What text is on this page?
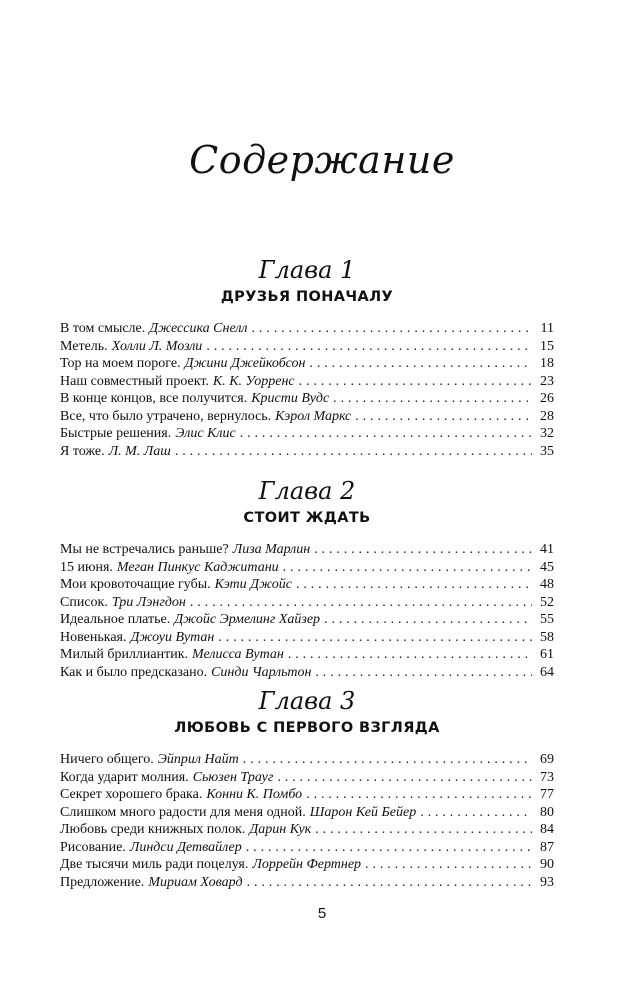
Содержание
Глава 1
ДРУЗЬЯ ПОНАЧАЛУ
В том смысле. Джессика Снелл . . .	11
Метель. Холли Л. Мозли . . .	15
Тор на моем пороге. Джини Джейкобсон . . .	18
Наш совместный проект. К. К. Уорренс . . .	23
В конце концов, все получится. Кристи Вудс . . .	26
Все, что было утрачено, вернулось. Кэрол Маркс . . .	28
Быстрые решения. Элис Клис . . .	32
Я тоже. Л. М. Лаш . . .	35
Глава 2
СТОИТ ЖДАТЬ
Мы не встречались раньше? Лиза Марлин . . .	41
15 июня. Меган Пинкус Каджитани . . .	45
Мои кровоточащие губы. Кэти Джойс . . .	48
Список. Три Лэнгдон . . .	52
Идеальное платье. Джойс Эрмелинг Хайзер . . .	55
Новенькая. Джоуи Вутан . . .	58
Милый бриллиантик. Мелисса Вутан . . .	61
Как и было предсказано. Синди Чарльтон . . .	64
Глава 3
ЛЮБОВЬ С ПЕРВОГО ВЗГЛЯДА
Ничего общего. Эйприл Найт . . .	69
Когда ударит молния. Сьюзен Трауг . . .	73
Секрет хорошего брака. Конни К. Помбо . . .	77
Слишком много радости для меня одной. Шарон Кей Бейер . . .	80
Любовь среди книжных полок. Дарин Кук . . .	84
Рисование. Линдси Детвайлер . . .	87
Две тысячи миль ради поцелуя. Лоррейн Фертнер . . .	90
Предложение. Мириам Ховард . . .	93
5
